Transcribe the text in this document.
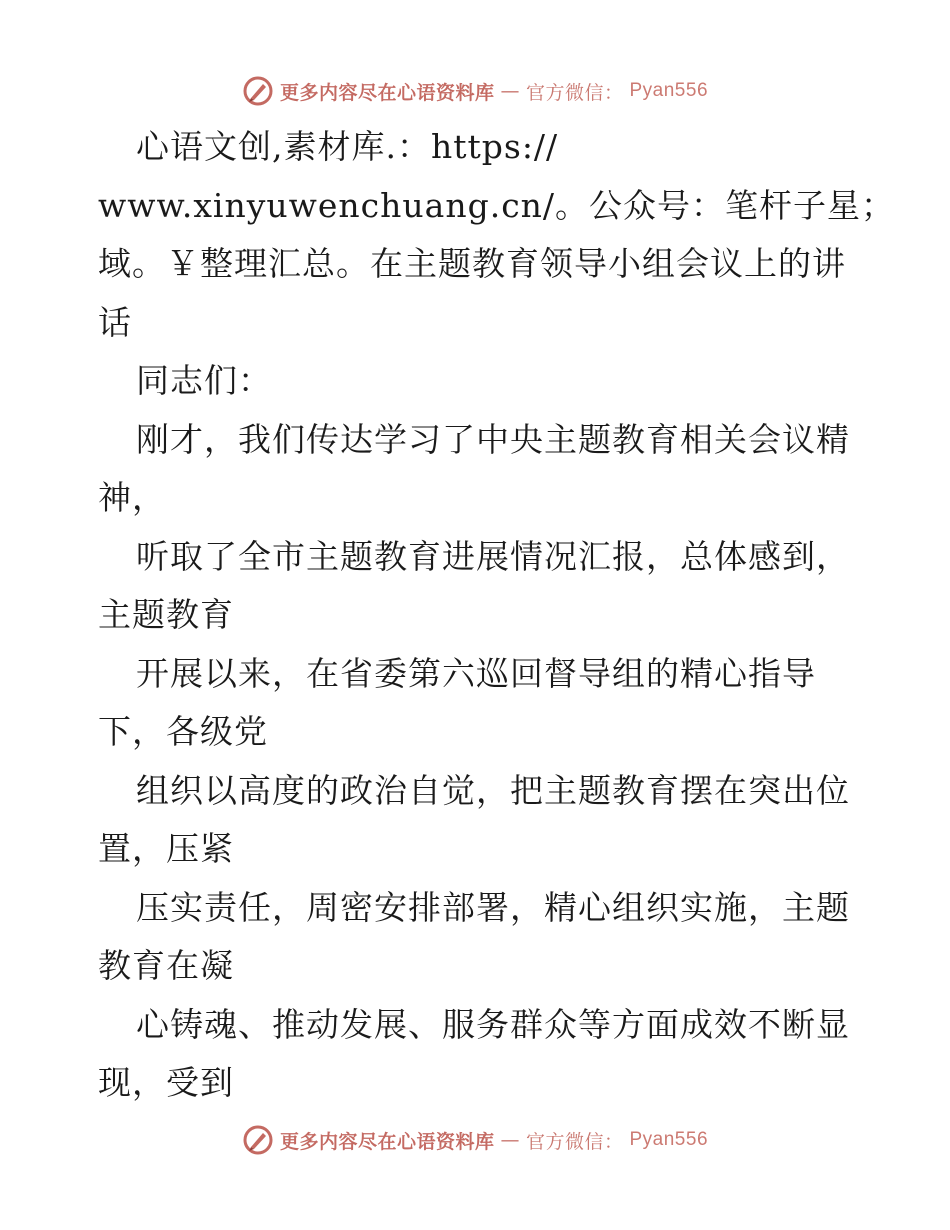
更多内容尽在心语资料库 — 官方微信： Pyan556
心语文创,素材库.：https://
www.xinyuwenchuang.cn/。公众号：笔杆子星；
域。￥整理汇总。在主题教育领导小组会议上的讲
话
同志们：
刚才，我们传达学习了中央主题教育相关会议精
神，
听取了全市主题教育进展情况汇报，总体感到，
主题教育
开展以来，在省委第六巡回督导组的精心指导
下，各级党
组织以高度的政治自觉，把主题教育摆在突出位
置，压紧
压实责任，周密安排部署，精心组织实施，主题
教育在凝
心铸魂、推动发展、服务群众等方面成效不断显
现，受到
更多内容尽在心语资料库 — 官方微信： Pyan556
